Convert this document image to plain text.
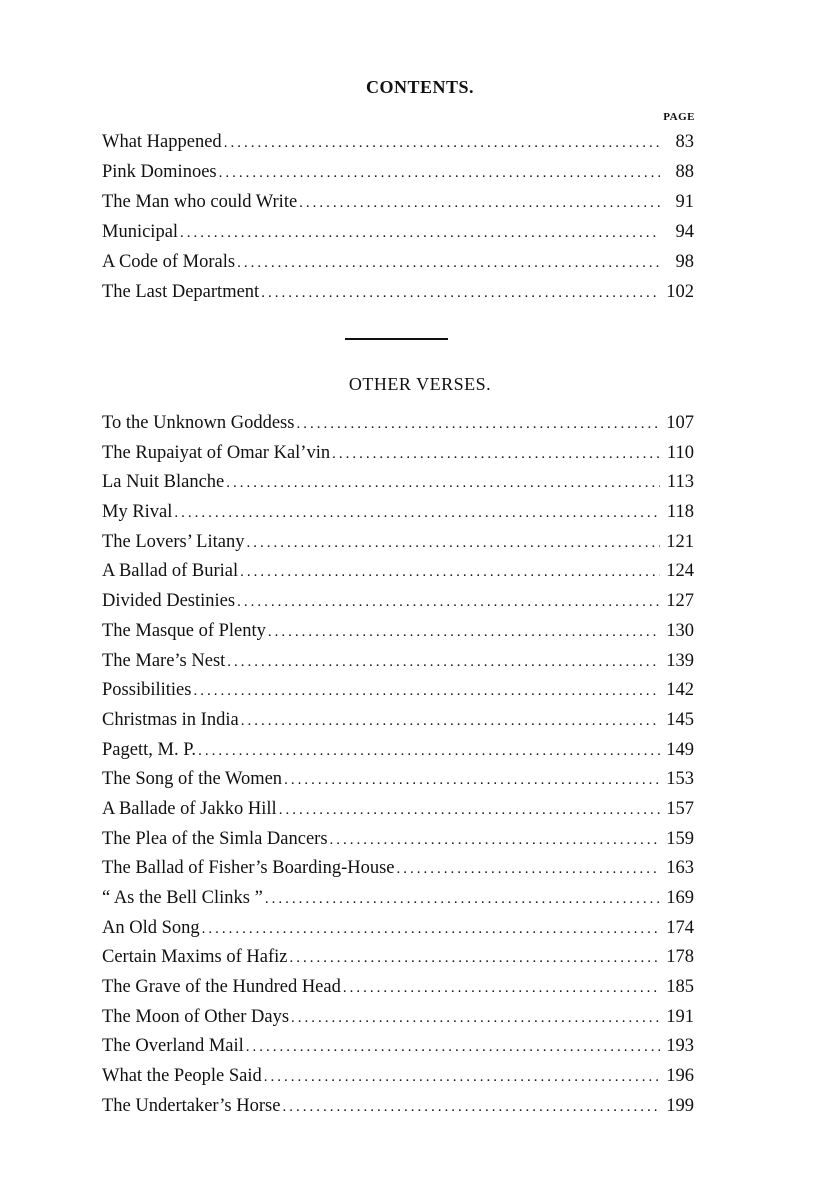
CONTENTS.
PAGE
What Happened .....	83
Pink Dominoes .....	88
The Man who could Write .....	91
Municipal .....	94
A Code of Morals .....	98
The Last Department .....	102
OTHER VERSES.
To the Unknown Goddess .....	107
The Rupaiyat of Omar Kal’vin .....	110
La Nuit Blanche .....	113
My Rival .....	118
The Lovers’ Litany .....	121
A Ballad of Burial .....	124
Divided Destinies .....	127
The Masque of Plenty .....	130
The Mare’s Nest .....	139
Possibilities .....	142
Christmas in India .....	145
Pagett, M. P. .....	149
The Song of the Women .....	153
A Ballade of Jakko Hill .....	157
The Plea of the Simla Dancers .....	159
The Ballad of Fisher’s Boarding-House .....	163
“ As the Bell Clinks ” .....	169
An Old Song .....	174
Certain Maxims of Hafiz .....	178
The Grave of the Hundred Head .....	185
The Moon of Other Days .....	191
The Overland Mail .....	193
What the People Said .....	196
The Undertaker’s Horse .....	199
